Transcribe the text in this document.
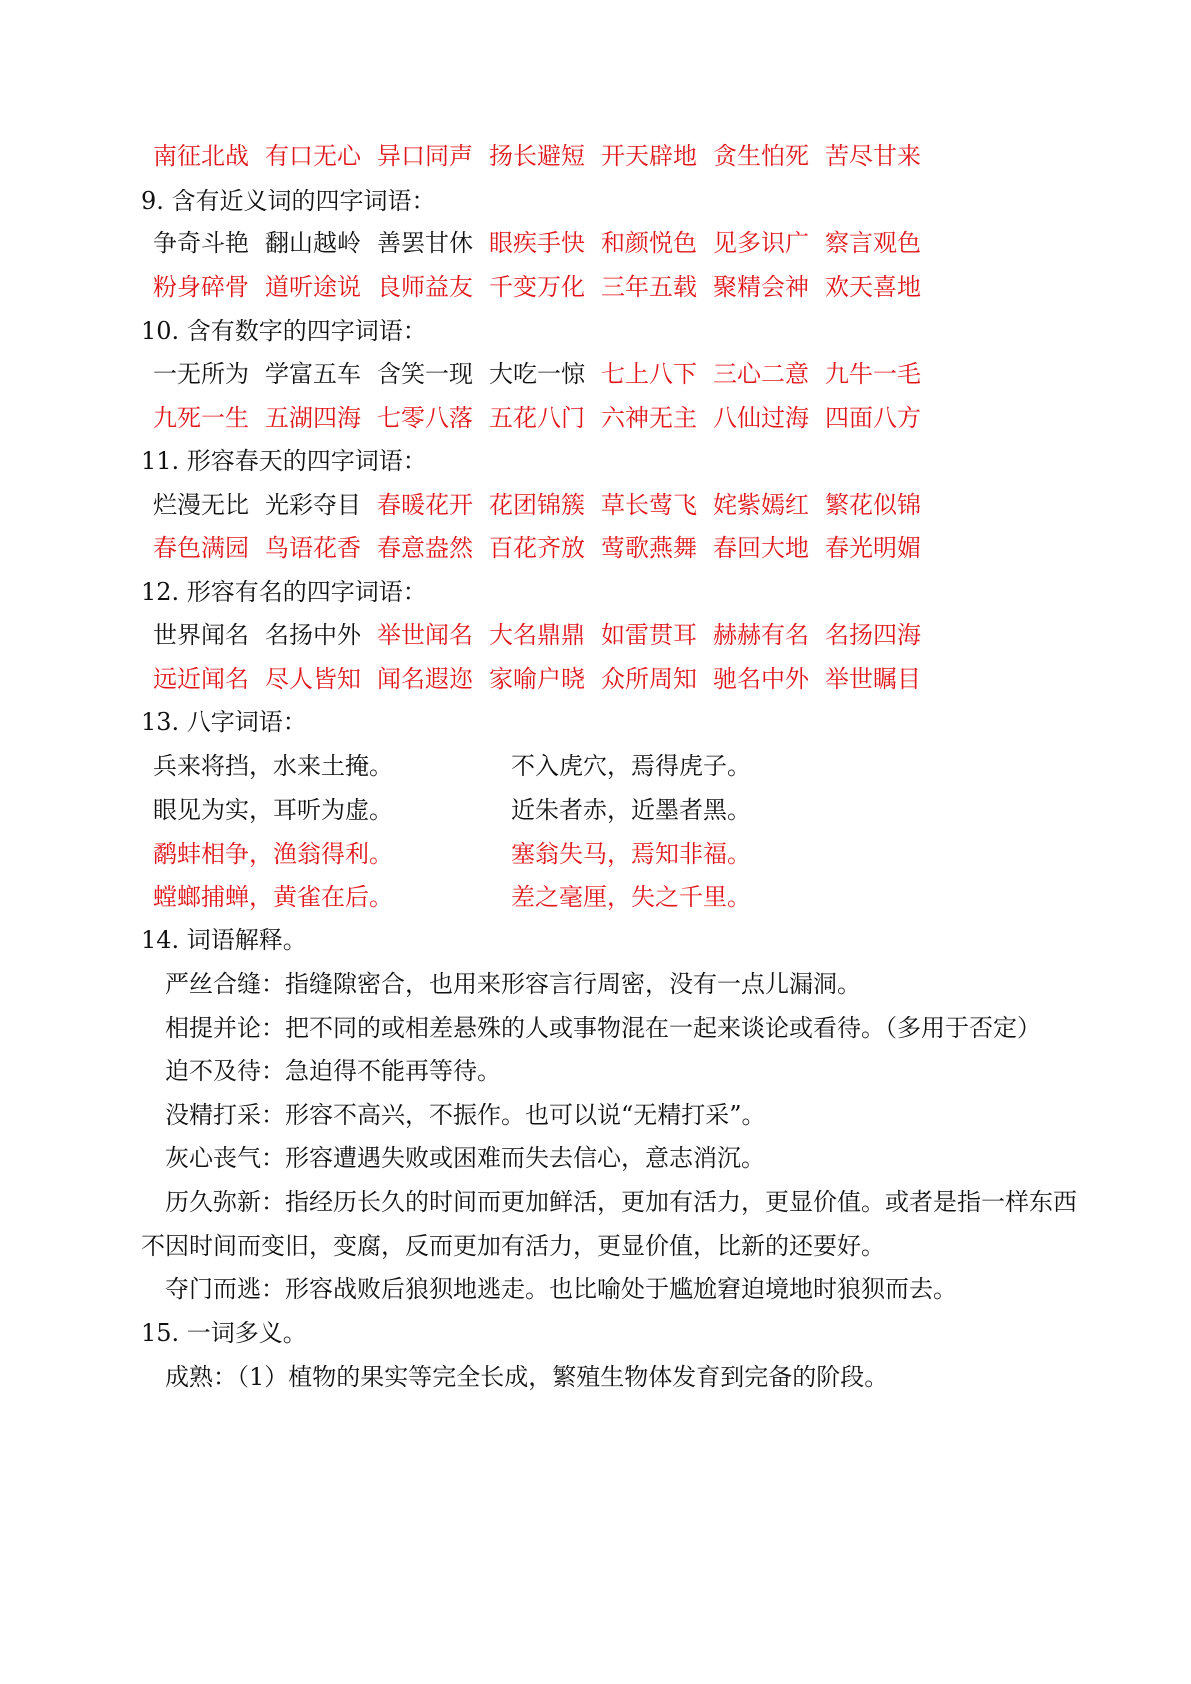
南征北战 有口无心 异口同声 扬长避短 开天辟地 贪生怕死 苦尽甘来
9. 含有近义词的四字词语：
争奇斗艳 翻山越岭 善罢甘休 眼疾手快 和颜悦色 见多识广 察言观色
粉身碎骨 道听途说 良师益友 千变万化 三年五载 聚精会神 欢天喜地
10. 含有数字的四字词语：
一无所为 学富五车 含笑一现 大吃一惊 七上八下 三心二意 九牛一毛
九死一生 五湖四海 七零八落 五花八门 六神无主 八仙过海 四面八方
11. 形容春天的四字词语：
烂漫无比 光彩夺目 春暖花开 花团锦簇 草长莺飞 姹紫嫣红 繁花似锦
春色满园 鸟语花香 春意盎然 百花齐放 莺歌燕舞 春回大地 春光明媚
12. 形容有名的四字词语：
世界闻名 名扬中外 举世闻名 大名鼎鼎 如雷贯耳 赫赫有名 名扬四海
远近闻名 尽人皆知 闻名遐迩 家喻户晓 众所周知 驰名中外 举世瞩目
13. 八字词语：
兵来将挡，水来土掩。	不入虎穴，焉得虎子。
眼见为实，耳听为虚。	近朱者赤，近墨者黑。
鹬蚌相争，渔翁得利。	塞翁失马，焉知非福。
螳螂捕蝉，黄雀在后。	差之毫厘，失之千里。
14. 词语解释。
严丝合缝：指缝隙密合，也用来形容言行周密，没有一点儿漏洞。
相提并论：把不同的或相差悬殊的人或事物混在一起来谈论或看待。（多用于否定）
迫不及待：急迫得不能再等待。
没精打采：形容不高兴，不振作。也可以说“无精打采”。
灰心丧气：形容遭遇失败或困难而失去信心，意志消沉。
历久弥新：指经历长久的时间而更加鲜活，更加有活力，更显价值。或者是指一样东西
不因时间而变旧，变腐，反而更加有活力，更显价值，比新的还要好。
夺门而逃：形容战败后狼狈地逃走。也比喻处于尴尬窘迫境地时狼狈而去。
15. 一词多义。
成熟：（1）植物的果实等完全长成，繁殖生物体发育到完备的阶段。
